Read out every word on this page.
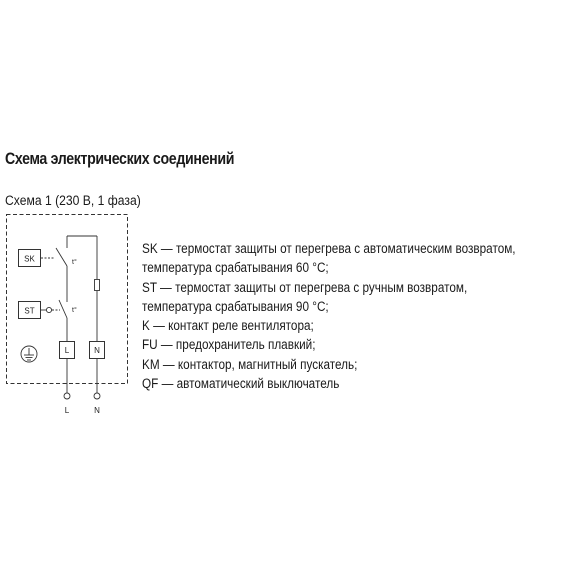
Схема электрических соединений
Схема 1 (230 В, 1 фаза)
SK	t°
ST	t°
L	N
L	N
SK — термостат защиты от перегрева с автоматическим возвратом,
температура срабатывания 60 °C;
ST — термостат защиты от перегрева с ручным возвратом,
температура срабатывания 90 °C;
K — контакт реле вентилятора;
FU — предохранитель плавкий;
KM — контактор, магнитный пускатель;
QF — автоматический выключатель
